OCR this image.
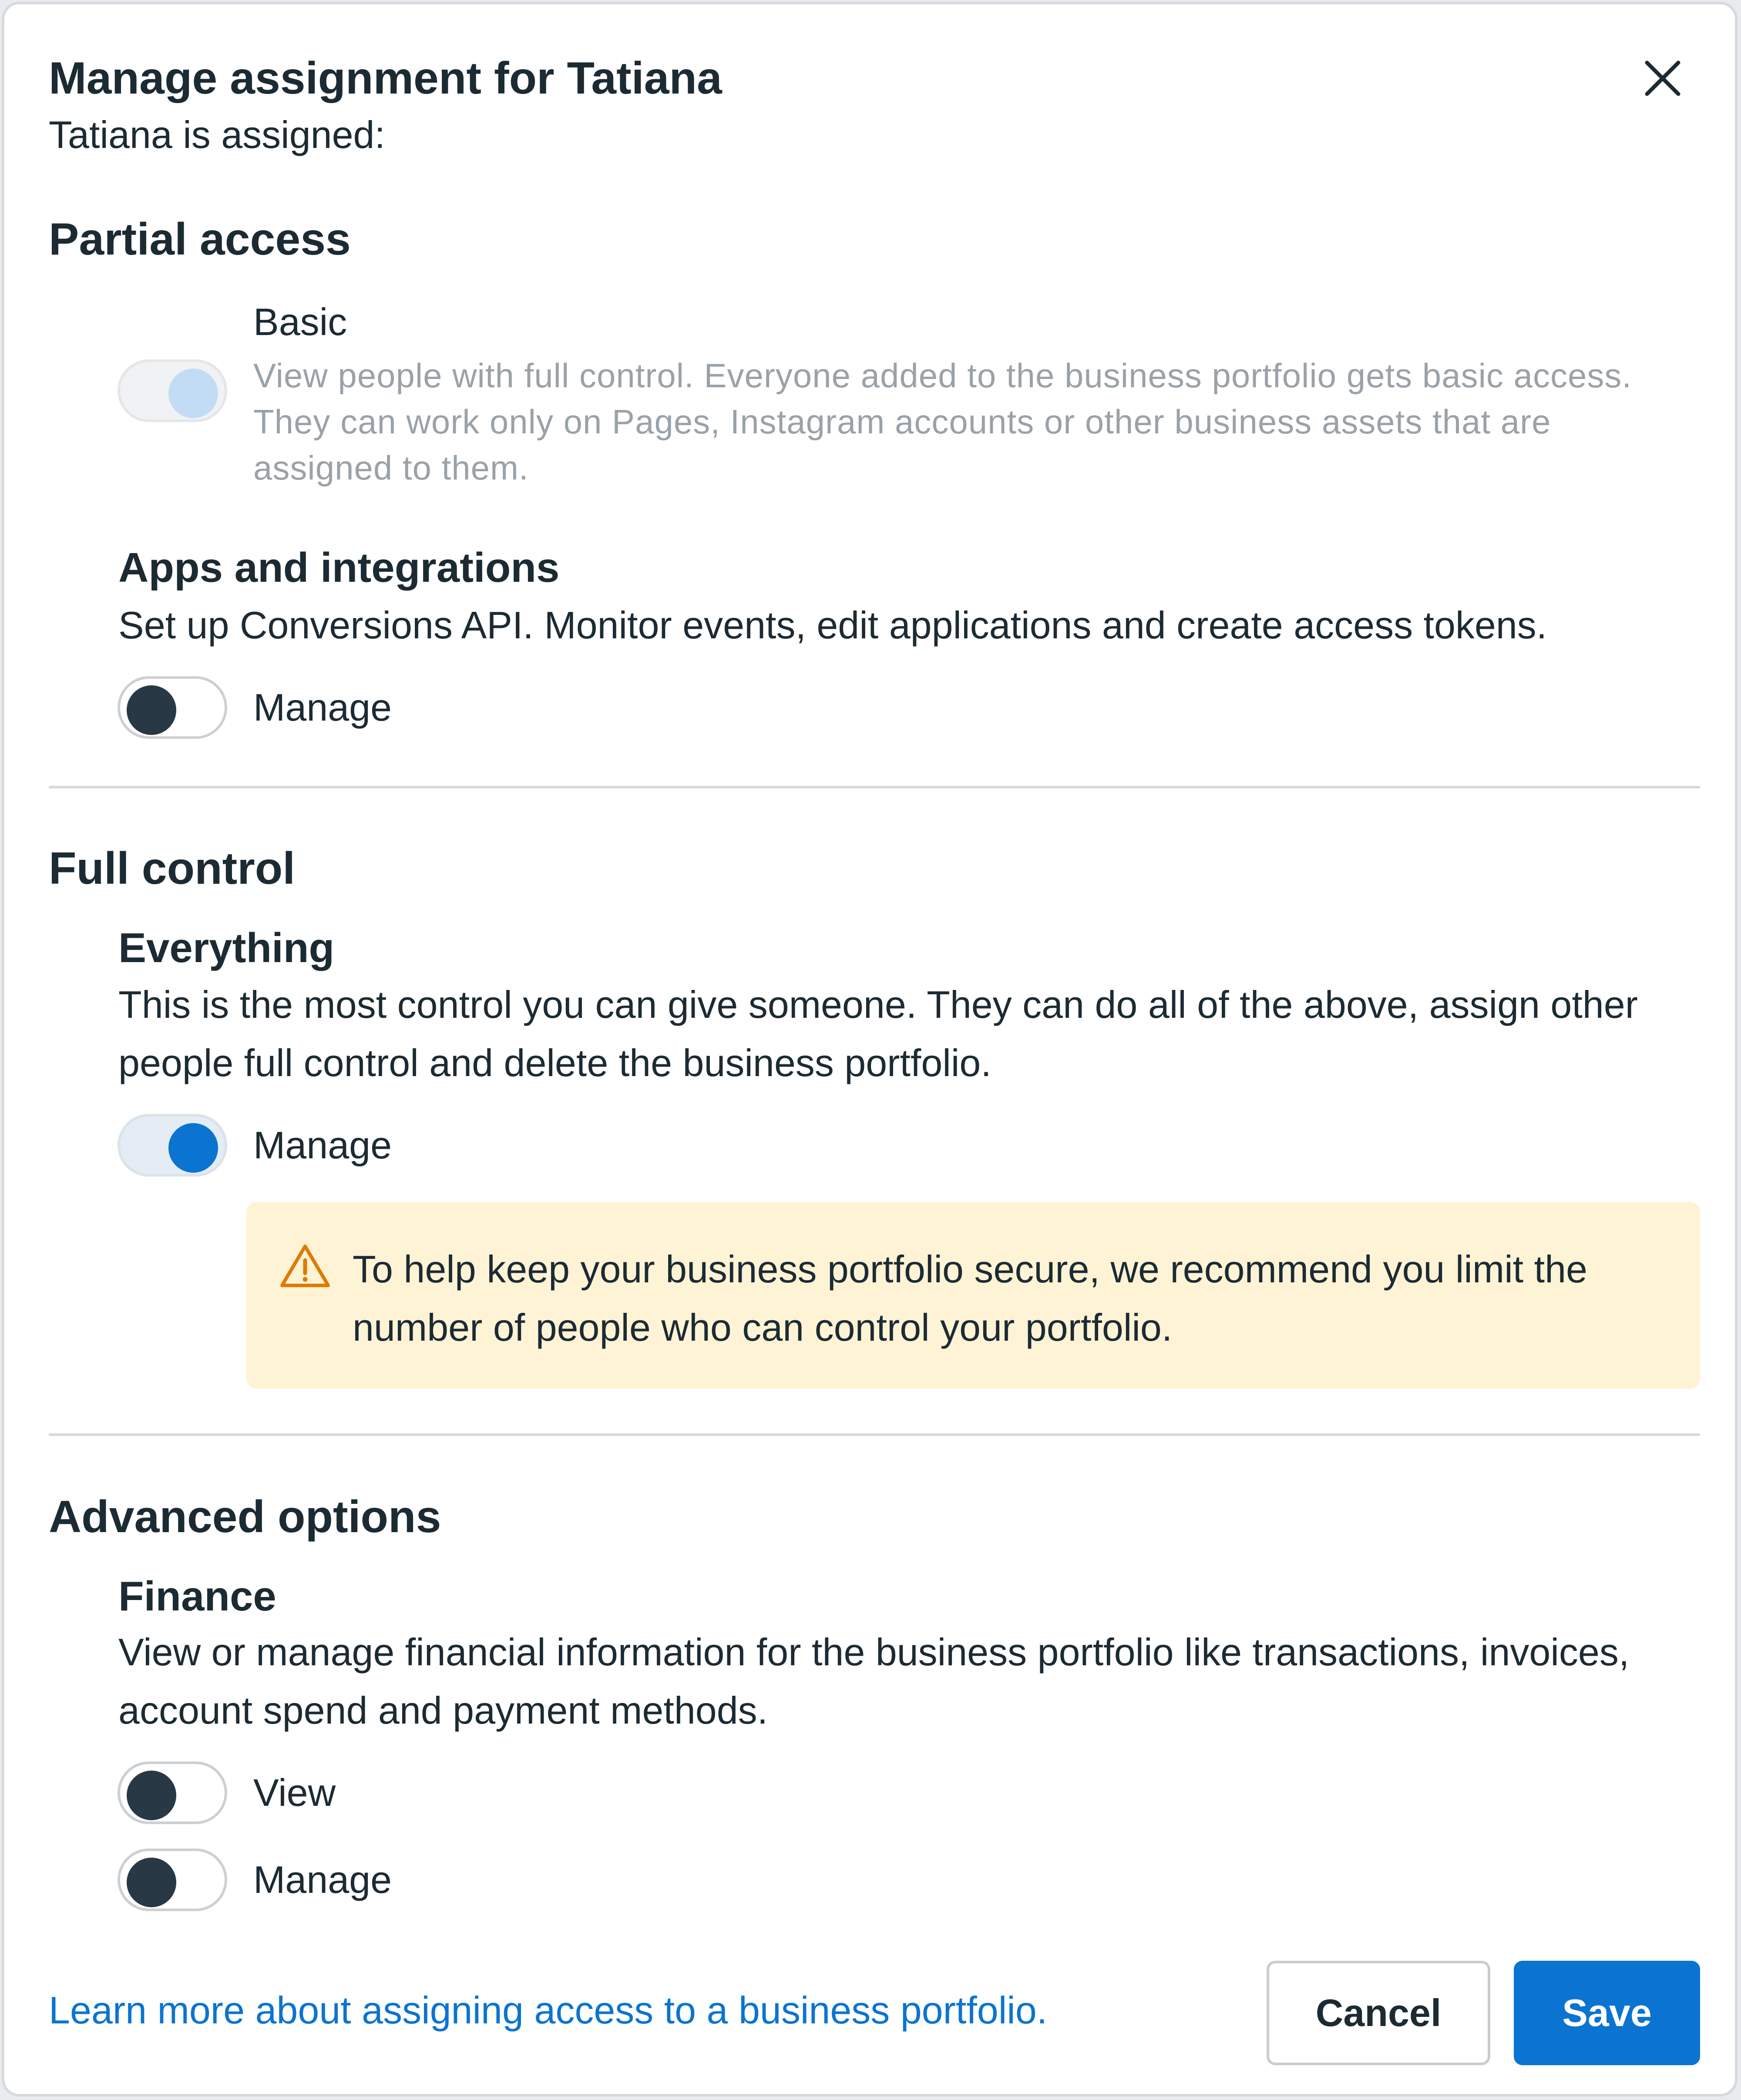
Manage assignment for Tatiana
Tatiana is assigned:
Partial access
Basic
View people with full control. Everyone added to the business portfolio gets basic access. They can work only on Pages, Instagram accounts or other business assets that are assigned to them.
Apps and integrations
Set up Conversions API. Monitor events, edit applications and create access tokens.
Manage
Full control
Everything
This is the most control you can give someone. They can do all of the above, assign other people full control and delete the business portfolio.
Manage
To help keep your business portfolio secure, we recommend you limit the number of people who can control your portfolio.
Advanced options
Finance
View or manage financial information for the business portfolio like transactions, invoices, account spend and payment methods.
View
Manage
Learn more about assigning access to a business portfolio.	Cancel	Save
